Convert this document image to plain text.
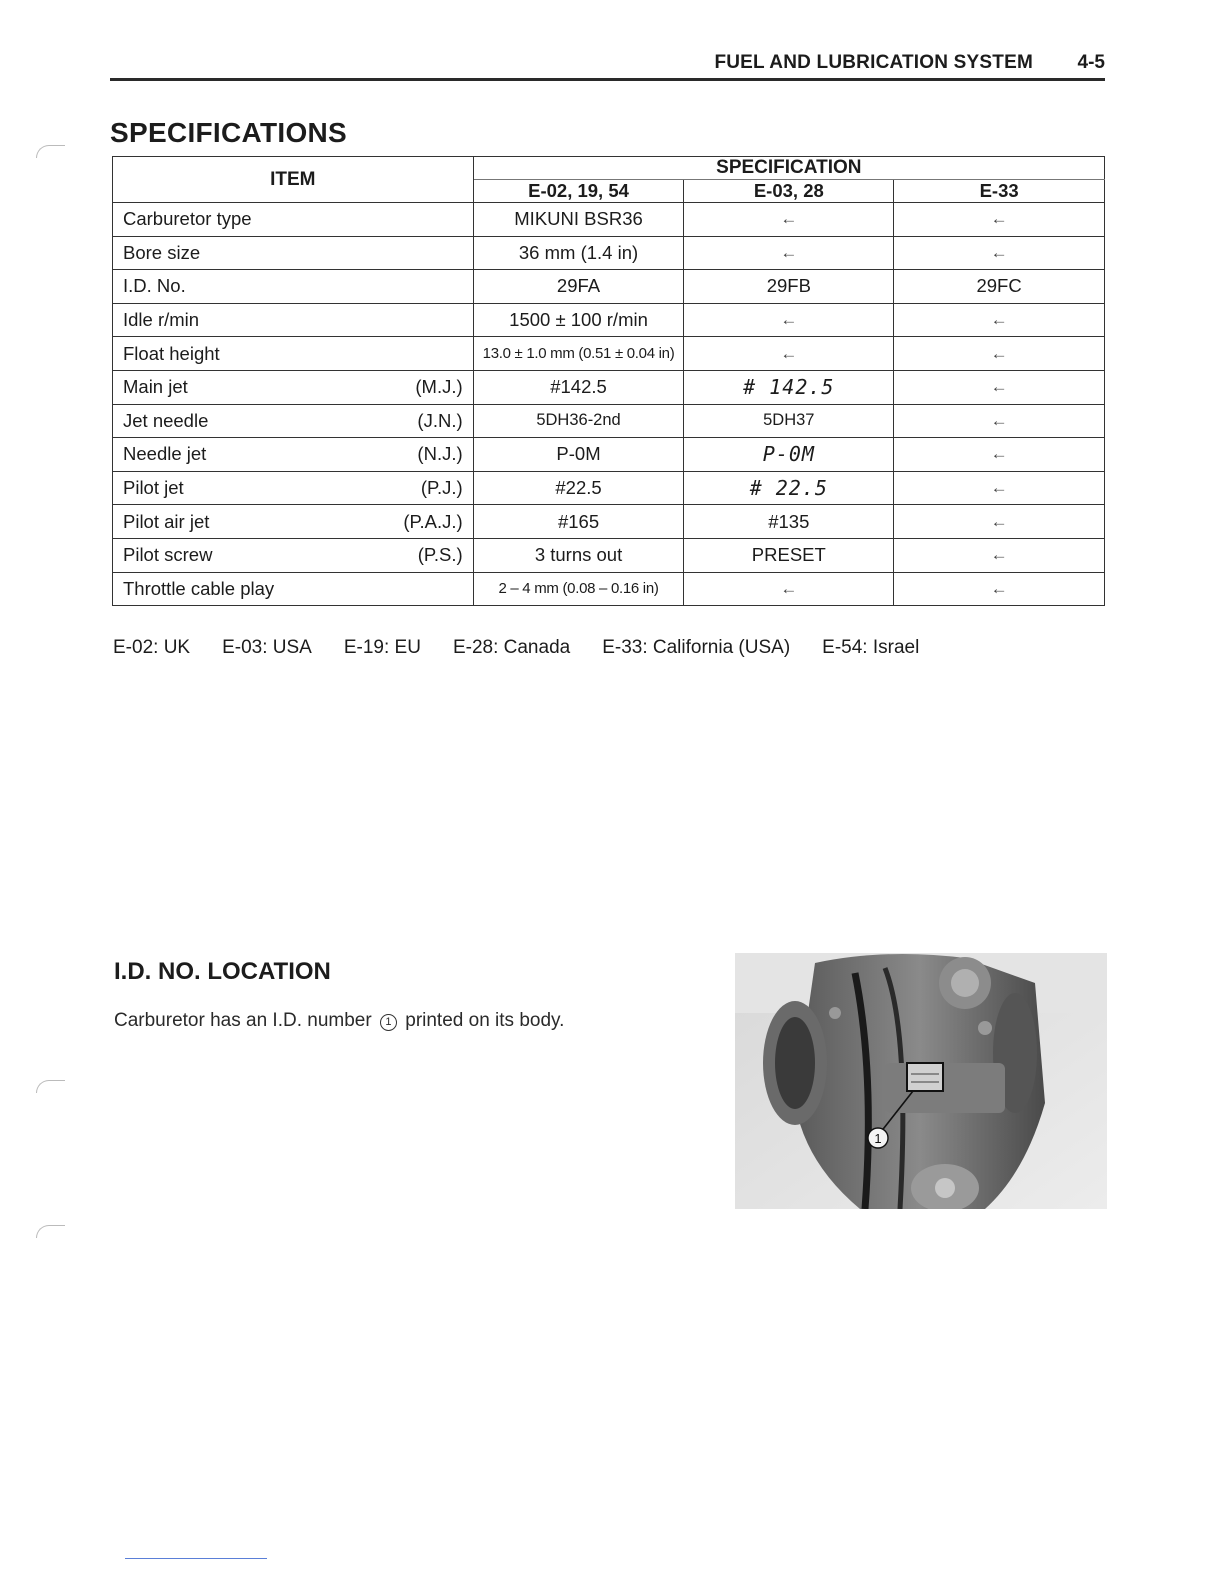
FUEL AND LUBRICATION SYSTEM 4-5
SPECIFICATIONS
ITEM	SPECIFICATION		
	E-02, 19, 54	E-03, 28	E-33

Carburetor type	MIKUNI BSR36	←	←

Bore size	36 mm (1.4 in)	←	←

I.D. No.	29FA	29FB	29FC

Idle r/min	1500 ± 100 r/min	←	←

Float height	13.0 ± 1.0 mm (0.51 ± 0.04 in)	←	←

Main jet (M.J.)	#142.5	# 142.5	←

Jet needle (J.N.)	5DH36-2nd	5DH37	←

Needle jet (N.J.)	P-0M	P-0M	←

Pilot jet (P.J.)	#22.5	# 22.5	←

Pilot air jet (P.A.J.)	#165	#135	←

Pilot screw (P.S.)	3 turns out	PRESET	←

Throttle cable play	2 – 4 mm (0.08 – 0.16 in)	←	←
E-02: UK E-03: USA E-19: EU E-28: Canada E-33: California (USA) E-54: Israel
I.D. NO. LOCATION
Carburetor has an I.D. number 1 printed on its body.
1
